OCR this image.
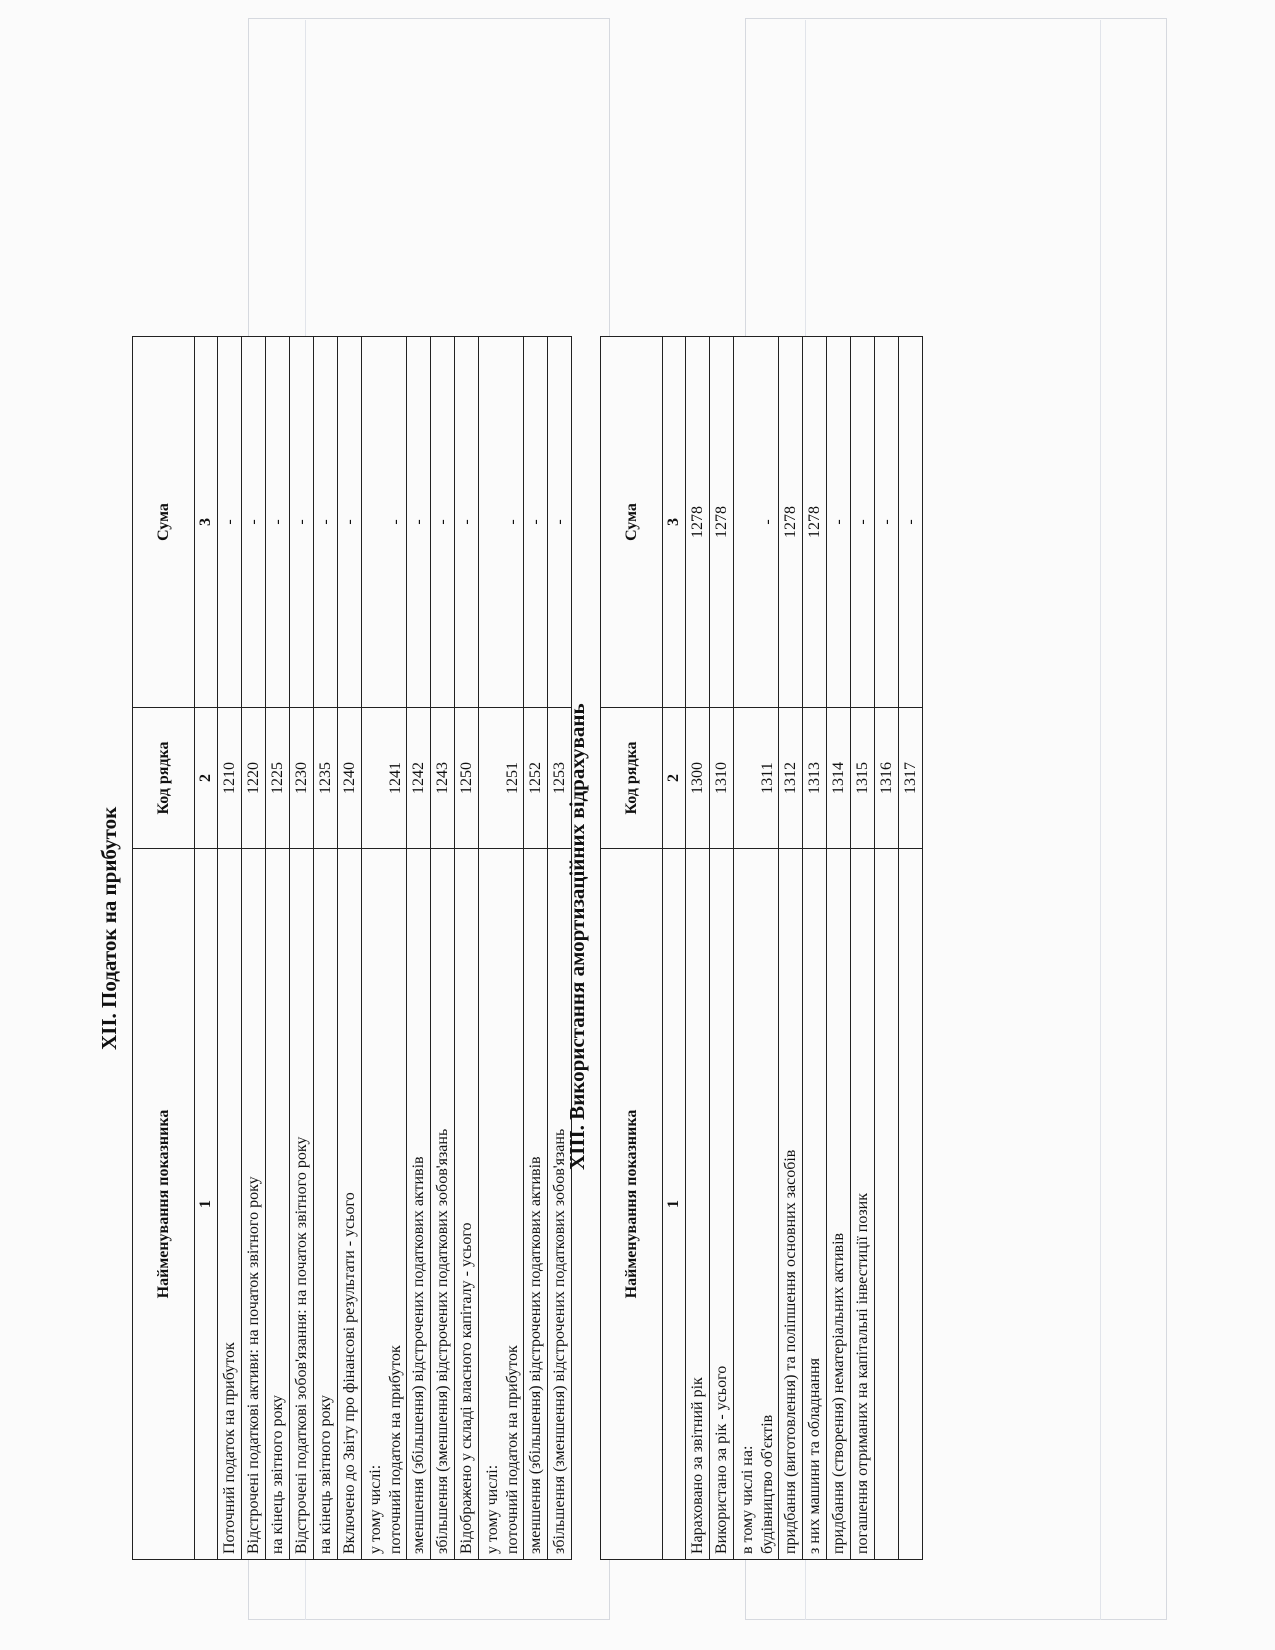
XII. Податок на прибуток
Найменування показника	Код рядка	Сума
1	2	3
Поточний податок на прибуток	1210	-
Відстрочені податкові активи: на початок звітного року	1220	-
на кінець звітного року	1225	-
Відстрочені податкові зобов'язання: на початок звітного року	1230	-
на кінець звітного року	1235	-
Включено до Звіту про фінансові результати - усього	1240	-

у тому числі: поточний податок на прибуток	1241	-
зменшення (збільшення) відстрочених податкових активів	1242	-
збільшення (зменшення) відстрочених податкових зобов'язань	1243	-
Відображено у складі власного капіталу - усього	1250	-

у тому числі: поточний податок на прибуток	1251	-
зменшення (збільшення) відстрочених податкових активів	1252	-
збільшення (зменшення) відстрочених податкових зобов'язань	1253	-
XIII. Використання амортизаційних відрахувань
Найменування показника	Код рядка	Сума
1	2	3
Нараховано за звітний рік	1300	1278
Використано за рік - усього	1310	1278

в тому числі на: будівництво об'єктів	1311	-
придбання (виготовлення) та поліпшення основних засобів	1312	1278
з них машини та обладнання	1313	1278
придбання (створення) нематеріальних активів	1314	-
погашення отриманих на капітальні інвестиції позик	1315	-
	1316	-
	1317	-
